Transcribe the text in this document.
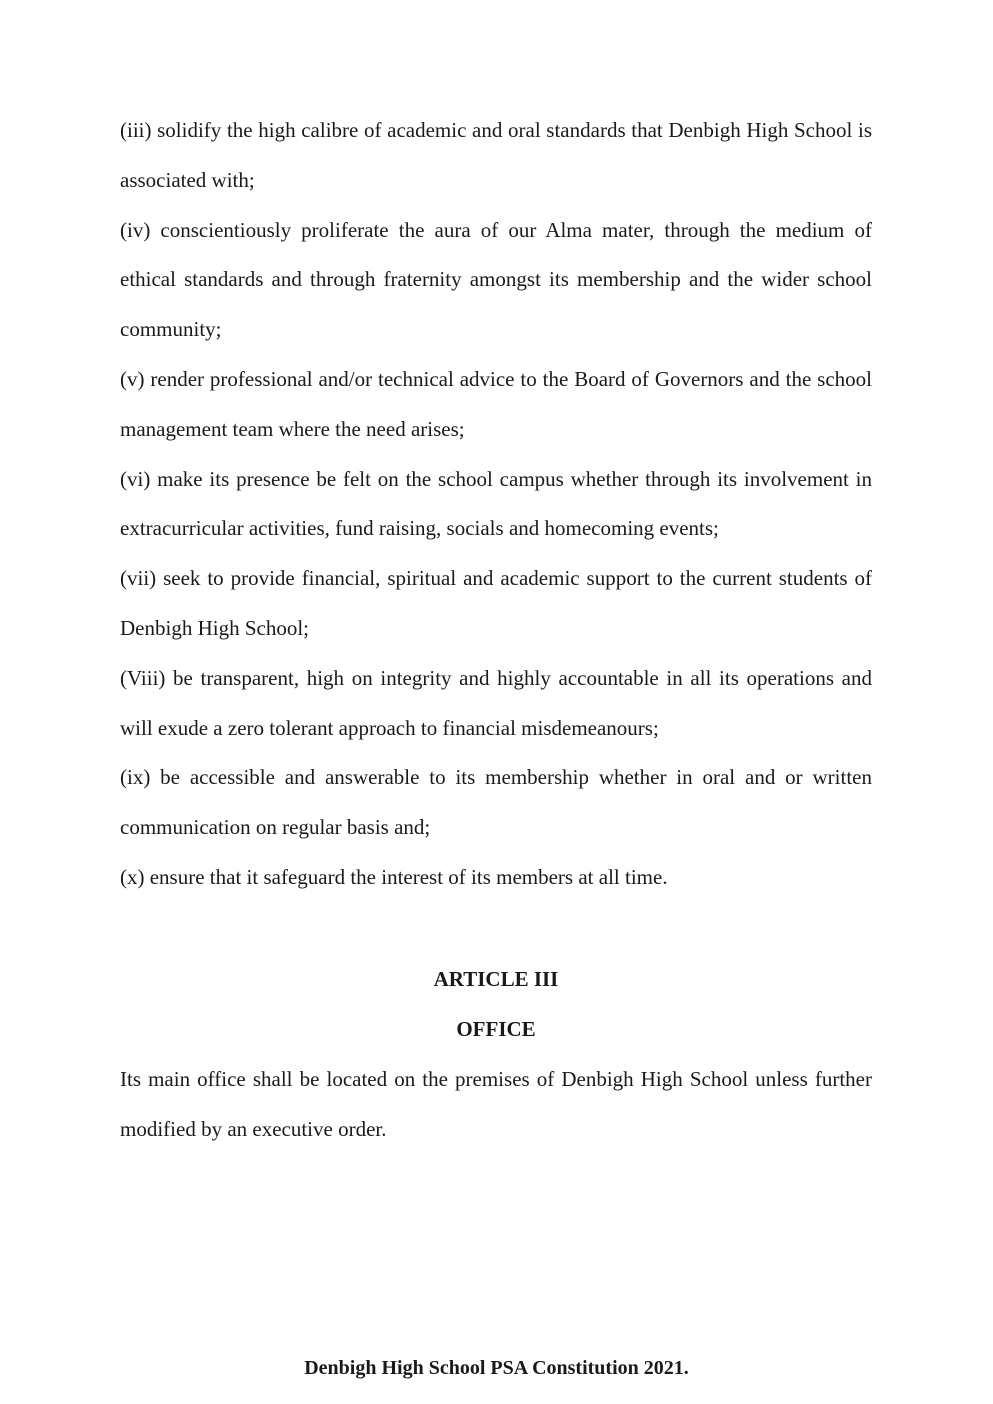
(iii) solidify the high calibre of academic and oral standards that Denbigh High School is associated with;

(iv) conscientiously proliferate the aura of our Alma mater, through the medium of ethical standards and through fraternity amongst its membership and the wider school community;

(v) render professional and/or technical advice to the Board of Governors and the school management team where the need arises;

(vi) make its presence be felt on the school campus whether through its involvement in extracurricular activities, fund raising, socials and homecoming events;

(vii) seek to provide financial, spiritual and academic support to the current students of Denbigh High School;

(Viii) be transparent, high on integrity and highly accountable in all its operations and will exude a zero tolerant approach to financial misdemeanours;

(ix) be accessible and answerable to its membership whether in oral and or written communication on regular basis and;

(x) ensure that it safeguard the interest of its members at all time.

ARTICLE III
OFFICE

Its main office shall be located on the premises of Denbigh High School unless further modified by an executive order.

Denbigh High School PSA Constitution 2021.
